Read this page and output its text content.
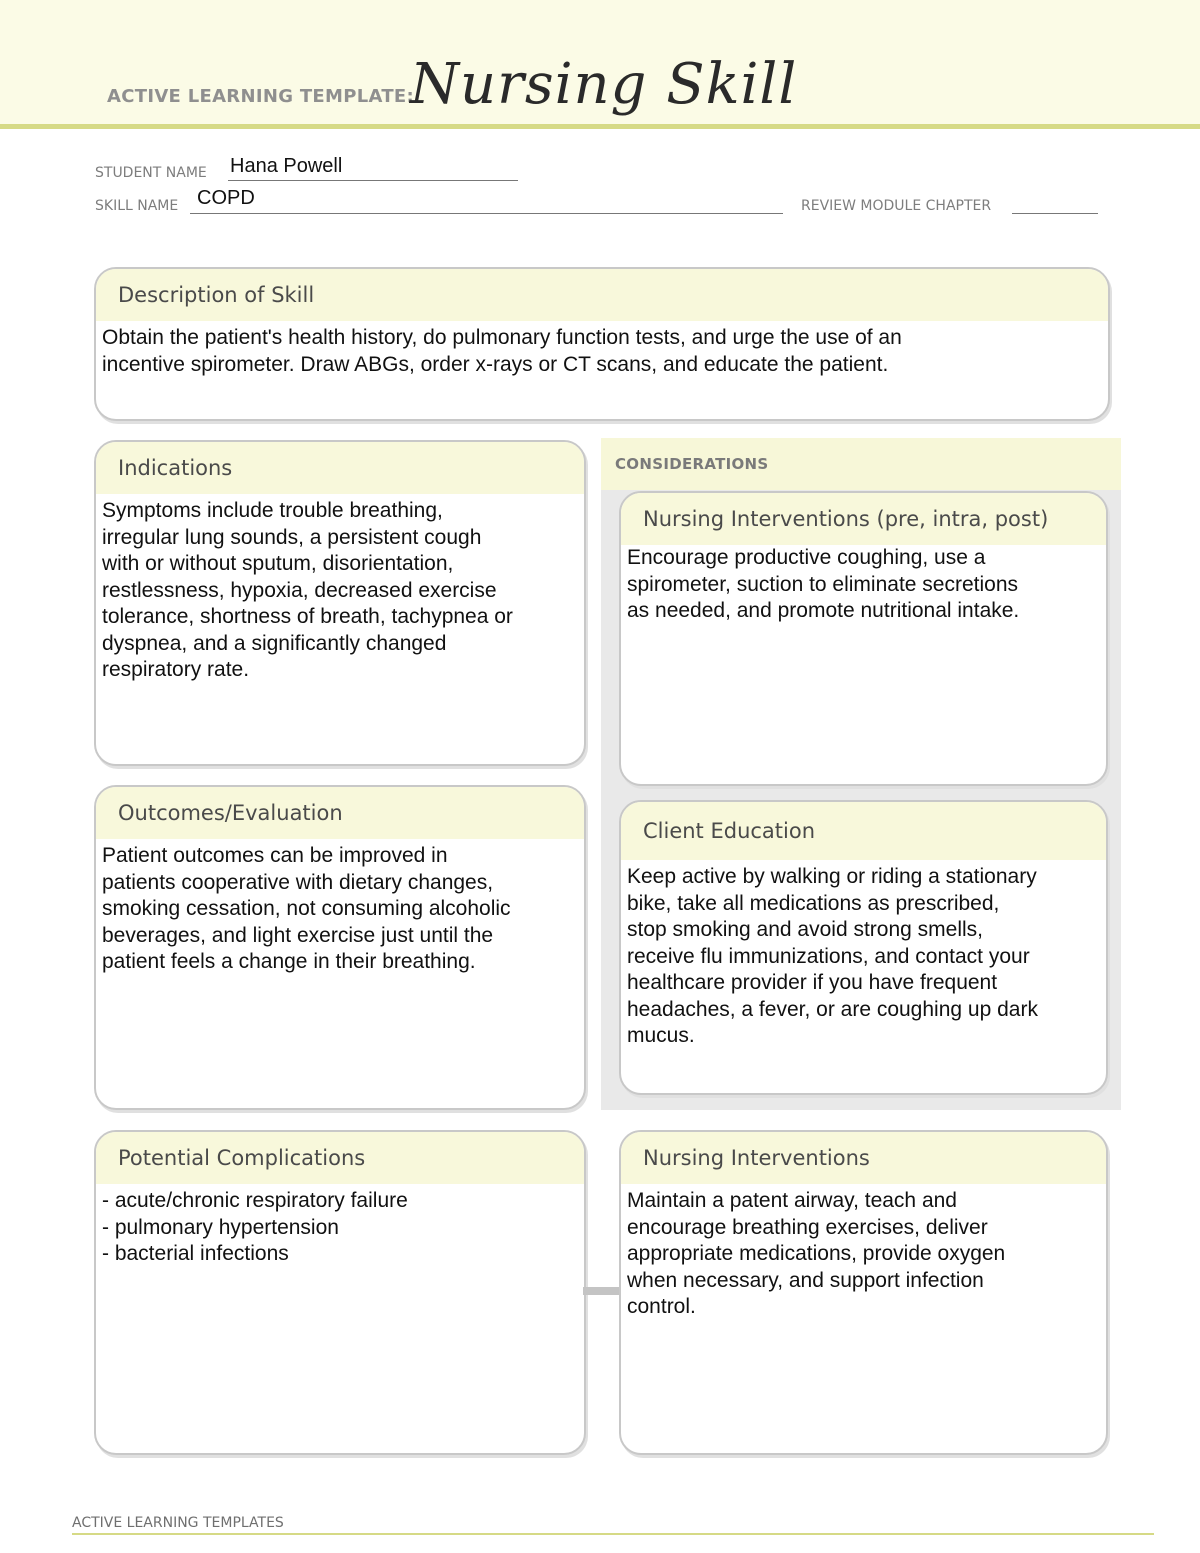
ACTIVE LEARNING TEMPLATE:
Nursing Skill
STUDENT NAME Hana Powell
SKILL NAME COPD	REVIEW MODULE CHAPTER
Description of Skill
Obtain the patient's health history, do pulmonary function tests, and urge the use of an
incentive spirometer. Draw ABGs, order x-rays or CT scans, and educate the patient.
Indications
Symptoms include trouble breathing,
irregular lung sounds, a persistent cough
with or without sputum, disorientation,
restlessness, hypoxia, decreased exercise
tolerance, shortness of breath, tachypnea or
dyspnea, and a significantly changed
respiratory rate.
CONSIDERATIONS
Nursing Interventions (pre, intra, post)
Encourage productive coughing, use a
spirometer, suction to eliminate secretions
as needed, and promote nutritional intake.
Outcomes/Evaluation
Patient outcomes can be improved in
patients cooperative with dietary changes,
smoking cessation, not consuming alcoholic
beverages, and light exercise just until the
patient feels a change in their breathing.
Client Education
Keep active by walking or riding a stationary
bike, take all medications as prescribed,
stop smoking and avoid strong smells,
receive flu immunizations, and contact your
healthcare provider if you have frequent
headaches, a fever, or are coughing up dark
mucus.
Potential Complications
- acute/chronic respiratory failure
- pulmonary hypertension
- bacterial infections
Nursing Interventions
Maintain a patent airway, teach and
encourage breathing exercises, deliver
appropriate medications, provide oxygen
when necessary, and support infection
control.
ACTIVE LEARNING TEMPLATES
